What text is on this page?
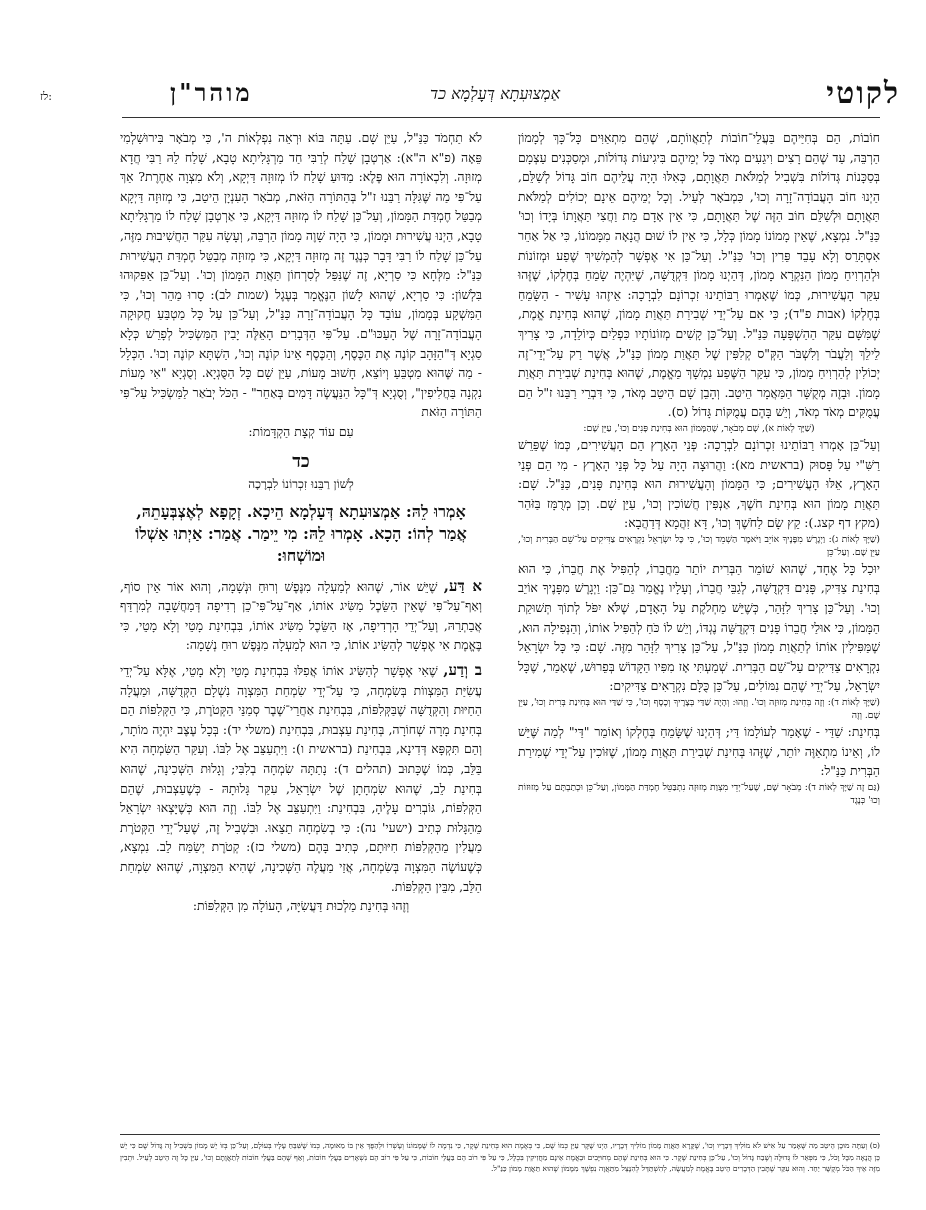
לז:	מוהר"ן	אַמְצוּעִתָא דְּעָלְמָא כד	לקוטי

חוֹבוֹת, הֵם בְּחִיַּיהֶם בַּעֲלֵי־חוֹבוֹת לְתַאֲווֹתָם, שֶׁהֵם מִתְאַוִּים כָּל־כָּךְ לְמָמוֹן הַרְבֵּה, עַד שֶׁהֵם רָצִים וִיגֵעִים מְאֹד כָּל יְמֵיהֶם בִּיגִיעוֹת גְּדוֹלוֹת, וּמְסַכְּנִים עַצְמָם בְּסַכָּנוֹת גְּדוֹלוֹת בִּשְׁבִיל לְמַלֹּאת תַּאֲוָתָם, כְּאִלּוּ הָיָה עֲלֵיהֶם חוֹב גָּדוֹל לְשַׁלֵּם, הַיְנוּ חוֹב הָעֲבוֹדָה־זָרָה וְכוּ', כִּמְבֹאָר לְעֵיל. וְכָל יְמֵיהֶם אֵינָם יְכוֹלִים לְמַלֹּאת תַּאֲוָתָם וּלְשַׁלֵּם חוֹב הַזֶּה שֶׁל תַּאֲוָתָם, כִּי אֵין אָדָם מֵת וַחֲצִי תַּאֲוָתוֹ בְּיָדוֹ וְכוּ' כַּנַּ"ל. נִמְצָא, שֶׁאֵין מָמוֹנוֹ מָמוֹן כְּלָל, כִּי אֵין לוֹ שׁוּם הֲנָאָה מִמָּמוֹנוֹ, כִּי אַל אַחֵר אִסְתָּרֵס וְלָא עָבֵד פֵּרִין וְכוּ' כַּנַּ"ל. וְעַל־כֵּן אִי אֶפְשָׁר לְהַמְשִׁיךְ שֶׁפַע וּמְזוֹנוֹת וּלְהַרְוִיחַ מָמוֹן הַנִּקְרָא מָמוֹן, דְּהַיְנוּ מָמוֹן דִּקְדֻשָּׁה, שֶׁיִּהְיֶה שָׂמֵחַ בְּחֶלְקוֹ, שֶׁזֶּהוּ עִקַּר הָעֲשִׁירוּת, כְּמוֹ שֶׁאָמְרוּ רַבּוֹתֵינוּ זִכְרוֹנָם לִבְרָכָה: אֵיזֶהוּ עָשִׁיר - הַשָּׂמֵחַ בְּחֶלְקוֹ (אבות פ"ד); כִּי אִם עַל־יְדֵי שְׁבִירַת תַּאֲוַת מָמוֹן, שֶׁהוּא בְּחִינַת אֱמֶת, שֶׁמִּשָּׁם עִקַּר הַהַשְׁפָּעָה כַּנַּ"ל. וְעַל־כֵּן קָשִׁים מְזוֹנוֹתָיו כִּפְלַיִם כְּיוֹלֵדָה, כִּי צָרִיךְ לֵילֵךְ וְלַעֲבֹר וְלִשְׁבֹּר הַקְּ"ס קְלִפִּין שֶׁל תַּאֲוַת מָמוֹן כַּנַּ"ל, אֲשֶׁר רַק עַל־יְדֵי־זֶה יְכוֹלִין לְהַרְוִיחַ מָמוֹן, כִּי עִקַּר הַשֶּׁפַע נִמְשָׁךְ מֵאֱמֶת, שֶׁהוּא בְּחִינַת שְׁבִירַת תַּאֲוַת מָמוֹן. וּבָזֶה מְקֻשָּׁר הַמַּאֲמָר הֵיטֵב. וְהָבֵן שָׁם הֵיטֵב מְאֹד, כִּי דִּבְרֵי רַבֵּנוּ ז"ל הֵם עֲמֻקִּים מְאֹד מְאֹד, וְיֵשׁ בָּהֶם עֲמֻקּוֹת גָּדוֹל (ס).

(שַׁיָּךְ לְאוֹת א), שָׁם מְבֹאָר, שֶׁהַמָּמוֹן הוּא בְּחִינַת פָּנִים וְכוּ', עַיֵּן שָׁם:

וְעַל־כֵּן אָמְרוּ רַבּוֹתֵינוּ זִכְרוֹנָם לִבְרָכָה: פְּנֵי הָאָרֶץ הֵם הָעֲשִׁירִים, כְּמוֹ שֶׁפֵּרֵשׁ רַשִּׁ"י עַל פָּסוּק (בראשית מא): וַהֲרוּצָה הָיָה עַל כָּל פְּנֵי הָאָרֶץ - מִי הֵם פְּנֵי הָאָרֶץ, אֵלּוּ הָעֲשִׁירִים; כִּי הַמָּמוֹן וְהָעֲשִׁירוּת הוּא בְּחִינַת פָּנִים, כַּנַּ"ל. שָׁם: תַּאֲוַת מָמוֹן הוּא בְּחִינַת חֹשֶׁךְ, אַנְפִּין חֲשׁוֹכִין וְכוּ', עַיֵּן שָׁם. וְכֵן מְרֻמָּז בַּזֹּהַר (מקץ דף קצג.): קֵץ שָׂם לַחֹשֶׁךְ וְכוּ', דָּא זִהֲמָא דְּדַהֲבָא:

(שַׁיָּךְ לְאוֹת ג): וַיְגָרֶשׁ מִפָּנֶיךָ אוֹיֵב וַיֹּאמֶר הַשְׁמֵד וְכוּ', כִּי כָּל יִשְׂרָאֵל נִקְרָאִים צַדִּיקִים עַל־שֵׁם הַבְּרִית וְכוּ', עַיֵּן שָׁם. וְעַל־כֵּן

יוּכַל כָּל אֶחָד, שֶׁהוּא שׁוֹמֵר הַבְּרִית יוֹתֵר מֵחֲבֵרוֹ, לְהַפִּיל אֶת חֲבֵרוֹ, כִּי הוּא בְּחִינַת צַדִּיק, פָּנִים דִּקְדֻשָּׁה, לְגַבֵּי חֲבֵרוֹ, וְעָלָיו נֶאֱמַר גַּם־כֵּן: וַיְגָרֶשׁ מִפָּנֶיךָ אוֹיֵב וְכוּ'. וְעַל־כֵּן צָרִיךְ לִזָּהֵר, כְּשֶׁיֵּשׁ מַחְלֹקֶת עַל הָאָדָם, שֶׁלֹּא יִפֹּל לְתוֹךְ תְּשׁוּקַת הַמָּמוֹן, כִּי אוּלַי חֲבֵרוֹ פָּנִים דִּקְדֻשָּׁה נֶגְדּוֹ, וְיֵשׁ לוֹ כֹּחַ לְהַפִּיל אוֹתוֹ, וְהַנְּפִילָה הוּא, שֶׁמַּפִּילִין אוֹתוֹ לְתַאֲוַת מָמוֹן כַּנַּ"ל, עַל־כֵּן צָרִיךְ לִזָּהֵר מִזֶּה. שָׁם: כִּי כָּל יִשְׂרָאֵל נִקְרָאִים צַדִּיקִים עַל־שֵׁם הַבְּרִית. שְׁמַעְתִּי אָז מִפִּיו הַקָּדוֹשׁ בְּפֵרוּשׁ, שֶׁאָמַר, שֶׁכָּל יִשְׂרָאֵל, עַל־יְדֵי שֶׁהֵם נִמּוֹלִים, עַל־כֵּן כֻּלָּם נִקְרָאִים צַדִּיקִים:

(שַׁיָּךְ לְאוֹת ד): וְזֶה בְּחִינַת מְזוּזָה וְכוּ'. וְזֶהוּ: וְהָיָה שַׁדַּי בְּצָרֶיךָ וְכֶסֶף וְכוּ', כִּי שַׁדַּי הוּא בְּחִינַת בְּרִית וְכוּ', עַיֵּן שָׁם. וְזֶה

בְּחִינַת: שַׁדַּי - שֶׁאָמַר לְעוֹלָמוֹ דַּי; דְּהַיְנוּ שֶׁשָּׂמֵחַ בְּחֶלְקוֹ וְאוֹמֵר "דַּי" לְמַה שֶּׁיֵּשׁ לוֹ, וְאֵינוֹ מִתְאַוֶּה יוֹתֵר, שֶׁזֶּהוּ בְּחִינַת שְׁבִירַת תַּאֲוַת מָמוֹן, שֶׁזּוֹכִין עַל־יְדֵי שְׁמִירַת הַבְּרִית כַּנַּ"ל:

(גַּם זֶה שַׁיָּךְ לְאוֹת ד): מְבֹאָר שָׁם, שֶׁעַל־יְדֵי מִצְוַת מְזוּזָה נִתְבַּטֵּל חֶמְדַּת הַמָּמוֹן, וְעַל־כֵּן וּכְתַבְתָּם עַל מְזוּזוֹת וְכוּ' כְּנֶגֶד

לֹא תַחְמֹד כַּנַּ"ל, עַיֵּן שָׁם. עַתָּה בּוֹא וּרְאֵה נִפְלְאוֹת ה', כִּי מְבֹאָר בִּירוּשַׁלְמִי פֵּאָה (פ"א ה"א): אַרְטְבָן שָׁלַח לְרַבִּי חַד מַרְגָּלִיתָא טָבָא, שָׁלַח לֵהּ רַבִּי חֲדָא מְזוּזָה. וְלִכְאוֹרָה הוּא פֶּלֶא: מַדּוּעַ שָׁלַח לוֹ מְזוּזָה דַּיְקָא, וְלֹא מִצְוָה אַחֶרֶת? אַךְ עַל־פִּי מַה שֶּׁגִּלָּה רַבֵּנוּ ז"ל בְּהַתּוֹרָה הַזֹּאת, מְבֹאָר הָעִנְיָן הֵיטֵב, כִּי מְזוּזָה דַּיְקָא מְבַטֵּל חֶמְדַּת הַמָּמוֹן, וְעַל־כֵּן שָׁלַח לוֹ מְזוּזָה דַּיְקָא, כִּי אַרְטְבָן שָׁלַח לוֹ מַרְגָּלִיתָא טָבָא, הַיְנוּ עֲשִׁירוּת וּמָמוֹן, כִּי הָיָה שָׁוֶה מָמוֹן הַרְבֵּה, וְעָשָׂה עִקַּר הַחֲשִׁיבוּת מִזֶּה, עַל־כֵּן שָׁלַח לוֹ רַבִּי דָּבָר כְּנֶגֶד זֶה מְזוּזָה דַּיְקָא, כִּי מְזוּזָה מְבַטֵּל חֶמְדַּת הָעֲשִׁירוּת כַּנַּ"ל: מִלְּחָא כִּי סַרְיָא, זֶה שֶׁנִּפַּל לְסִרְחוֹן תַּאֲוַת הַמָּמוֹן וְכוּ'. וְעַל־כֵּן אַפִּקוּהוּ בִּלְשׁוֹן: כִּי סַרְיָא, שֶׁהוּא לָשׁוֹן הַנֶּאֱמָר בְּעֶגֶל (שמות לב): סָרוּ מַהֵר וְכוּ', כִּי הַמִּשְׁקָע בְּמָמוֹן, עוֹבֵד כָּל הָעֲבוֹדָה־זָרָה כַּנַּ"ל, וְעַל־כֵּן עַל כָּל מַטְבֵּעַ חֲקוּקָה הָעֲבוֹדָה־זָרָה שֶׁל הָעַכּוּ"ם. עַל־פִּי הַדְּבָרִים הָאֵלֶּה יָבִין הַמַּשְׂכִּיל לְפָרֵשׁ כְּלָא סַגְיָא דְּ"הַזָּהָב קוֹנֶה אֶת הַכֶּסֶף, וְהַכֶּסֶף אֵינוֹ קוֹנֶה וְכוּ', הַשְׁתָּא קוֹנֶה וְכוּ'. הַכְּלָל - מַה שֶּׁהוּא מַטְבֵּעַ וְיוֹצֵא, חָשׁוּב מָעוֹת, עַיֵּן שָׁם כָּל הַסֻּגְיָא. וְסֻגְיָא "אִי מָעוֹת נִקְנָה בַּחֲלִיפִין", וְסֻגְיָא דְּ"כָּל הַנַּעֲשֶׂה דָּמִים בְּאַחֵר" - הַכֹּל יְבֹאַר לַמַּשְׂכִּיל עַל־פִּי הַתּוֹרָה הַזֹּאת

עִם עוֹד קְצָת הַקְדָּמוֹת:

כד
לְשׁוֹן רַבֵּנוּ זִכְרוֹנוֹ לִבְרָכָה
אָמְרוּ לֵהּ: אַמְצוּעִתָא דְּעָלְמָא הֵיכָא. זְקָפָא לְאֶצְבְּעָתֵהּ, אֲמַר לְהוֹ: הָכָא. אָמְרוּ לֵהּ: מִי יֵימַר. אֲמַר: אַיְתוּ אַשְׁלוֹ וּמוֹשְׁחוּ:

א דַּע, שֶׁיֵּשׁ אוֹר, שֶׁהוּא לְמַעְלָה מִנֶּפֶשׁ וְרוּחַ וּנְשָׁמָה, וְהוּא אוֹר אֵין סוֹף, וְאַף־עַל־פִּי שֶׁאֵין הַשֵּׂכֶל מַשִּׂיג אוֹתוֹ, אַף־עַל־פִּי־כֵן רְדִיפָה דְּמַחֲשָׁבָה לְמִרְדַּף אֲבַתְרֵהּ, וְעַל־יְדֵי הָרְדִיפָה, אָז הַשֵּׂכֶל מַשִּׂיג אוֹתוֹ, בִּבְחִינַת מָטֵי וְלָא מָטֵי, כִּי בֶּאֱמֶת אִי אֶפְשָׁר לְהַשִּׂיג אוֹתוֹ, כִּי הוּא לְמַעְלָה מִנֶּפֶשׁ רוּחַ נְשָׁמָה:

ב וְדַע, שֶׁאִי אֶפְשָׁר לְהַשִּׂיג אוֹתוֹ אֲפִלּוּ בִּבְחִינַת מָטֵי וְלָא מָטֵי, אֶלָּא עַל־יְדֵי עֲשִׂיַּת הַמִּצְווֹת בְּשִׂמְחָה, כִּי עַל־יְדֵי שִׂמְחַת הַמִּצְוָה נִשְׁלָם הַקְּדֻשָּׁה, וּמַעֲלָה הַחַיּוּת וְהַקְּדֻשָּׁה שֶׁבַּקְּלִפּוֹת, בִּבְחִינַת אַחֲרֵי־שֶׁבֶר סְמַנֵּי הַקְּטֹרֶת, כִּי הַקְּלִפּוֹת הֵם בְּחִינַת מָרָה שְׁחוֹרָה, בְּחִינַת עַצְבוּת, בִּבְחִינַת (משלי יד): בְּכָל עֶצֶב יִהְיֶה מוֹתָר, וְהֵם תִּקְפָּא דְּדִינָא, בִּבְחִינַת (בראשית ו): וַיִּתְעַצֵּב אֶל לִבּוֹ. וְעִקַּר הַשִּׂמְחָה הִיא בַּלֵּב, כְּמוֹ שֶׁכָּתוּב (תהלים ד): נָתַתָּה שִׂמְחָה בְלִבִּי; וְגָלוּת הַשְּׁכִינָה, שֶׁהוּא בְּחִינַת לֵב, שֶׁהוּא שִׂמְחָתָן שֶׁל יִשְׂרָאֵל, עִקַּר גָּלוּתָהּ - כְּשֶׁעַצְבוּת, שֶׁהֵם הַקְּלִפּוֹת, גּוֹבְרִים עָלֶיהָ, בִּבְחִינַת: וַיִּתְעַצֵּב אֶל לִבּוֹ. וְזֶה הוּא כְּשֶׁיָּצְאוּ יִשְׂרָאֵל מֵהַגָּלוּת כְּתִיב (ישעי' נה): כִּי בְשִׂמְחָה תֵצֵאוּ. וּבִשְׁבִיל זֶה, שֶׁעַל־יְדֵי הַקְּטֹרֶת מַעֲלִין מֵהַקְּלִפּוֹת חִיּוּתָם, כְּתִיב בָּהֶם (משלי כז): קְטֹרֶת יְשַׂמַּח לֵב. נִמְצָא, כְּשֶׁעוֹשֶׂה הַמִּצְוָה בְּשִׂמְחָה, אֲזַי מַעֲלֶה הַשְּׁכִינָה, שֶׁהִיא הַמִּצְוָה, שֶׁהוּא שִׂמְחַת הַלֵּב, מִבֵּין הַקְּלִפּוֹת.

וְזֶהוּ בְּחִינַת מַלְכוּת דַּעֲשִׂיָּה, הָעוֹלָה מִן הַקְּלִפּוֹת:

(ס) וְעַתָּה מוּבָן הֵיטֵב מַה שֶּׁאָמַר עַל אִישׁ לֹא מוֹלִיךְ דְּבָרָיו וְכוּ', שֶׁקָּרָא תַּאֲוַת מָמוֹן מוֹלִיךְ דְּבָרָיו, הַיְנוּ שֶׁקֶּר עַיֵּן כְּמוֹ שֶׁם, כִּי בְּאֶמֶת הוּא בְּחִינַת שֶׁקֶר, כִּי נִדְמֶה לוֹ שֶׁמָּמוֹנוֹ וְעָשְׁרוֹ וּלְהַפֶּךְ אֵין בּוֹ מַאוּמָה, כְּמוֹ שֶׁשִּׁבֵּחַ עָלָיו בְּעוֹלָם, וְעַל־כֵּן בְּזוֹ יֵשׁ מָמוֹן בִּשְׁבִיל זֶה גָּדוֹל שֶׁם כִּי יֵשׁ כֵּן הֲנָאָה מִכָּל וָכֹל, כִּי מִפְּאֵר לוֹ גְּדוּלָּה וְשֶׁבַח גָּדוֹל וְכוּ', עַל־כֵּן בְּחִינַת שֶׁקֶר. כִּי הוּא בְּחִינַת שֶׁהֵם מְחוּיָּבִים וּבֵאֲמֶת אֵינָם מַחֲזִיקִין בִּכְלָל, כִּי עַל פִּי רוֹב הֵם בַּעֲלֵי חוֹבוֹת, כִּי עַל פִּי רוֹב הֵם נִשְׁאָרִים בַּעֲלֵי חוֹבוֹת, וְאַף שֶׁהֵם בַּעֲלֵי חוֹבוֹת לְתַאֲוָתָם וְכוּ', עַיֵּן כָּל זֶה הֵיטֵב לְעֵיל. וּתְבִין מִזֶּה אֵיךְ הַכֹּל מְקֻשָּׁר יַחַד. וְהוּא עִקַּר שֶׁתָּבִין הַדְּבָרִים הֵיטֵב בֶּאֱמֶת לְמַעֲשֶׂה, לְהִשְׁתַּדֵּל לְהִנָּצֵל מִתַּאֲוָה נִפְשָׁךְ מִמָּמוֹן שֶׁהוּא תַּאֲוַת מָמוֹן כַּנַּ"ל.
